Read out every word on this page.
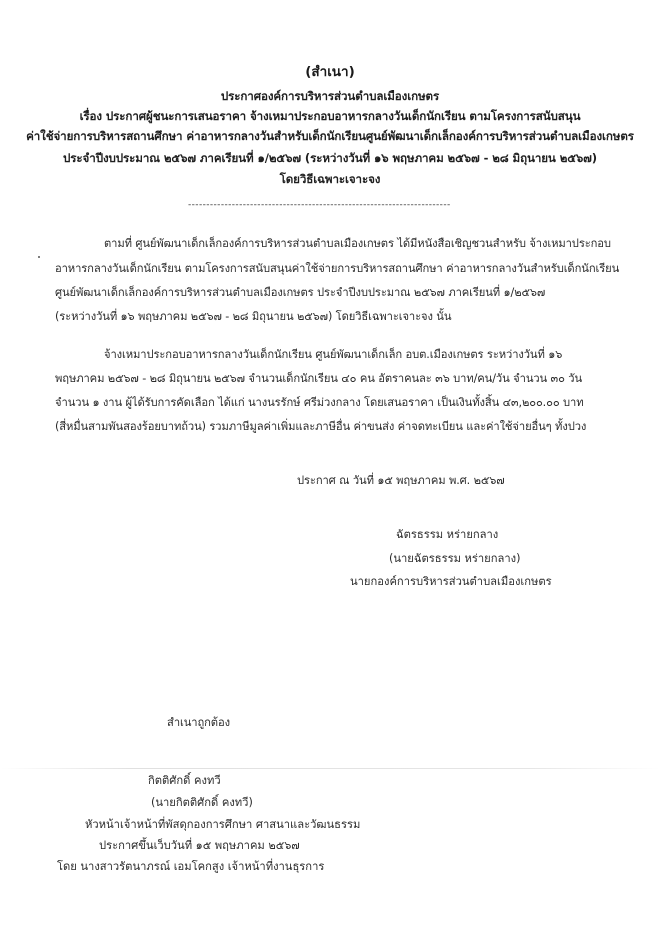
(สำเนา)
ประกาศองค์การบริหารส่วนตำบลเมืองเกษตร
เรื่อง ประกาศผู้ชนะการเสนอราคา จ้างเหมาประกอบอาหารกลางวันเด็กนักเรียน ตามโครงการสนับสนุน
ค่าใช้จ่ายการบริหารสถานศึกษา ค่าอาหารกลางวันสำหรับเด็กนักเรียนศูนย์พัฒนาเด็กเล็กองค์การบริหารส่วนตำบลเมืองเกษตร
ประจำปีงบประมาณ ๒๕๖๗ ภาคเรียนที่ ๑/๒๕๖๗ (ระหว่างวันที่ ๑๖ พฤษภาคม ๒๕๖๗ - ๒๘ มิถุนายน ๒๕๖๗)
โดยวิธีเฉพาะเจาะจง
------------------------------------------------------------------------
ตามที่ ศูนย์พัฒนาเด็กเล็กองค์การบริหารส่วนตำบลเมืองเกษตร ได้มีหนังสือเชิญชวนสำหรับ จ้างเหมาประกอบ
อาหารกลางวันเด็กนักเรียน ตามโครงการสนับสนุนค่าใช้จ่ายการบริหารสถานศึกษา ค่าอาหารกลางวันสำหรับเด็กนักเรียน
ศูนย์พัฒนาเด็กเล็กองค์การบริหารส่วนตำบลเมืองเกษตร ประจำปีงบประมาณ ๒๕๖๗ ภาคเรียนที่ ๑/๒๕๖๗
(ระหว่างวันที่ ๑๖ พฤษภาคม ๒๕๖๗ - ๒๘ มิถุนายน ๒๕๖๗) โดยวิธีเฉพาะเจาะจง นั้น
จ้างเหมาประกอบอาหารกลางวันเด็กนักเรียน ศูนย์พัฒนาเด็กเล็ก อบต.เมืองเกษตร ระหว่างวันที่ ๑๖
พฤษภาคม ๒๕๖๗ - ๒๘ มิถุนายน ๒๕๖๗ จำนวนเด็กนักเรียน ๔๐ คน อัตราคนละ ๓๖ บาท/คน/วัน จำนวน ๓๐ วัน
จำนวน ๑ งาน ผู้ได้รับการคัดเลือก ได้แก่ นางนรรักษ์ ศรีม่วงกลาง โดยเสนอราคา เป็นเงินทั้งสิ้น ๔๓,๒๐๐.๐๐ บาท
(สี่หมื่นสามพันสองร้อยบาทถ้วน) รวมภาษีมูลค่าเพิ่มและภาษีอื่น ค่าขนส่ง ค่าจดทะเบียน และค่าใช้จ่ายอื่นๆ ทั้งปวง
ประกาศ ณ วันที่ ๑๕ พฤษภาคม พ.ศ. ๒๕๖๗
ฉัตรธรรม หร่ายกลาง
(นายฉัตรธรรม หร่ายกลาง)
นายกองค์การบริหารส่วนตำบลเมืองเกษตร
สำเนาถูกต้อง
กิตติศักดิ์ คงทวี
(นายกิตติศักดิ์ คงทวี)
หัวหน้าเจ้าหน้าที่พัสดุกองการศึกษา ศาสนาและวัฒนธรรม
ประกาศขึ้นเว็บวันที่ ๑๕ พฤษภาคม ๒๕๖๗
โดย นางสาวรัตนาภรณ์ เอมโคกสูง เจ้าหน้าที่งานธุรการ
